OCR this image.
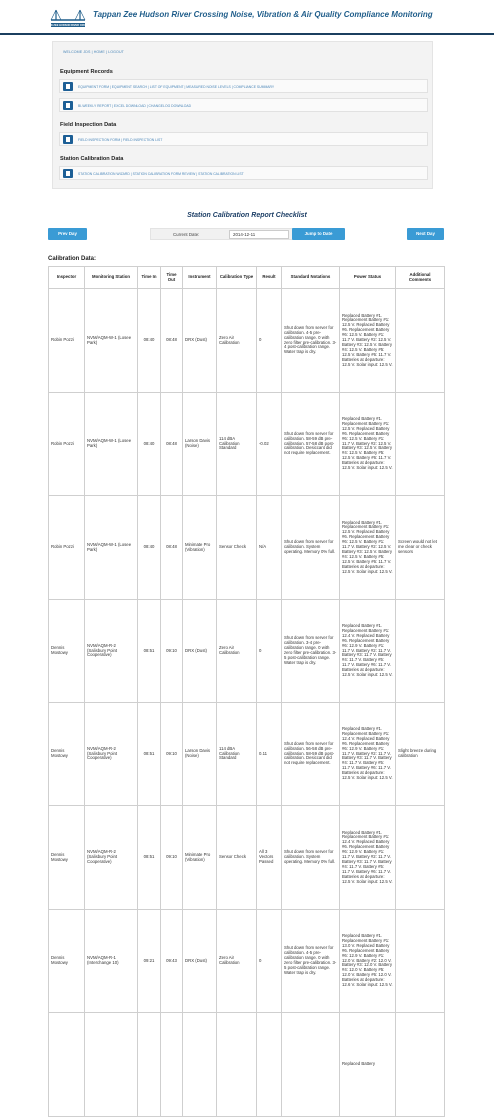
TAPPAN ZEE HUDSON RIVER CROSSING
Tappan Zee Hudson River Crossing Noise, Vibration & Air Quality Compliance Monitoring
WELCOME JDS | HOME | LOGOUT
Equipment Records
EQUIPMENT FORM | EQUIPMENT SEARCH | LIST OF EQUIPMENT | MEASURED NOISE LEVELS | COMPLIANCE SUMMARY
BI-WEEKLY REPORT | EXCEL DOWNLOAD | CHANGELOG DOWNLOAD
Field Inspection Data
FIELD INSPECTION FORM | FIELD INSPECTION LIST
Station Calibration Data
STATION CALIBRATION WIZARD | STATION CALIBRATION FORM REVIEW | STATION CALIBRATION LIST
Station Calibration Report Checklist
Prev Day	Current Date:	2014-12-11	Jump to Date	Next Day
Calibration Data:
Inspector	Monitoring Station	Time In	Time Out	Instrument	Calibration Type	Result	Standard Notations	Power Status	Additional Comments
Robin Pozzi	NVM/AQM-W-1 (Losee Park)	08:40	08:48	DRX (Dust)	Zero Air Calibration	0	Shut down from server for calibration. 4-5 pre-calibration range. 0 with zero filter pre-calibration. 3-4 post-calibration range. Water trap is dry.	Replaced Battery #1. Replacement Battery #1: 12.5 V. Replaced Battery #6. Replacement Battery #6: 12.5 V. Battery #1: 11.7 V. Battery #2: 12.5 V. Battery #3: 12.5 V. Battery #4: 12.5 V. Battery #5: 12.5 V. Battery #6: 11.7 V. Batteries at departure: 12.5 V. Solar input: 12.5 V.	
Robin Pozzi	NVM/AQM-W-1 (Losee Park)	08:40	08:48	Larson Davis (Noise)	114 dBA Calibration Standard	-0.02	Shut down from server for calibration. 58-59 dB pre-calibration. 57-58 dB post-calibration. Desiccant did not require replacement.	Replaced Battery #1. Replacement Battery #1: 12.5 V. Replaced Battery #6. Replacement Battery #6: 12.5 V. Battery #1: 11.7 V. Battery #2: 12.5 V. Battery #3: 12.5 V. Battery #4: 12.5 V. Battery #5: 12.5 V. Battery #6: 11.7 V. Batteries at departure: 12.5 V. Solar input: 12.5 V.	
Robin Pozzi	NVM/AQM-W-1 (Losee Park)	08:40	08:48	Minimate Pro (Vibration)	Sensor Check	N/A	Shut down from server for calibration. System operating. Memory 0% full.	Replaced Battery #1. Replacement Battery #1: 12.5 V. Replaced Battery #6. Replacement Battery #6: 12.5 V. Battery #1: 11.7 V. Battery #2: 12.5 V. Battery #3: 12.5 V. Battery #4: 12.5 V. Battery #5: 12.5 V. Battery #6: 11.7 V. Batteries at departure: 12.5 V. Solar input: 12.5 V.	Screen would not let me clear or check sensors
Dennis Mostowy	NVM/AQM-R-2 (Salisbury Point Cooperative)	08:51	09:10	DRX (Dust)	Zero Air Calibration	0	Shut down from server for calibration. 3-4 pre-calibration range. 0 with zero filter pre-calibration. 3-5 post-calibration range. Water trap is dry.	Replaced Battery #1. Replacement Battery #1: 12.4 V. Replaced Battery #6. Replacement Battery #6: 12.9 V. Battery #1: 11.7 V. Battery #2: 11.7 V. Battery #3: 11.7 V. Battery #4: 11.7 V. Battery #5: 11.7 V. Battery #6: 11.7 V. Batteries at departure: 12.5 V. Solar input: 12.5 V.	
Dennis Mostowy	NVM/AQM-R-2 (Salisbury Point Cooperative)	08:51	09:10	Larson Davis (Noise)	114 dBA Calibration Standard	0.11	Shut down from server for calibration. 56-58 dB pre-calibration. 58-59 dB post-calibration. Desiccant did not require replacement.	Replaced Battery #1. Replacement Battery #1: 12.4 V. Replaced Battery #6. Replacement Battery #6: 12.9 V. Battery #1: 11.7 V. Battery #2: 11.7 V. Battery #3: 11.7 V. Battery #4: 11.7 V. Battery #5: 11.7 V. Battery #6: 11.7 V. Batteries at departure: 12.5 V. Solar input: 12.5 V.	Slight breeze during calibration
Dennis Mostowy	NVM/AQM-R-2 (Salisbury Point Cooperative)	08:51	09:10	Minimate Pro (Vibration)	Sensor Check	All 3 Vectors Passed	Shut down from server for calibration. System operating. Memory 0% full.	Replaced Battery #1. Replacement Battery #1: 12.4 V. Replaced Battery #6. Replacement Battery #6: 12.9 V. Battery #1: 11.7 V. Battery #2: 11.7 V. Battery #3: 11.7 V. Battery #4: 11.7 V. Battery #5: 11.7 V. Battery #6: 11.7 V. Batteries at departure: 12.5 V. Solar input: 12.5 V.	
Dennis Mostowy	NVM/AQM-R-1 (Interchange 10)	09:21	09:43	DRX (Dust)	Zero Air Calibration	0	Shut down from server for calibration. 4-5 pre-calibration range. 0 with zero filter pre-calibration. 3-5 post-calibration range. Water trap is dry.	Replaced Battery #1. Replacement Battery #1: 13.0 V. Replaced Battery #6. Replacement Battery #6: 12.9 V. Battery #1: 12.0 V. Battery #2: 12.0 V. Battery #3: 12.0 V. Battery #4: 12.0 V. Battery #5: 12.0 V. Battery #6: 12.0 V. Batteries at departure: 12.6 V. Solar input: 12.5 V.	
								Replaced Battery	
